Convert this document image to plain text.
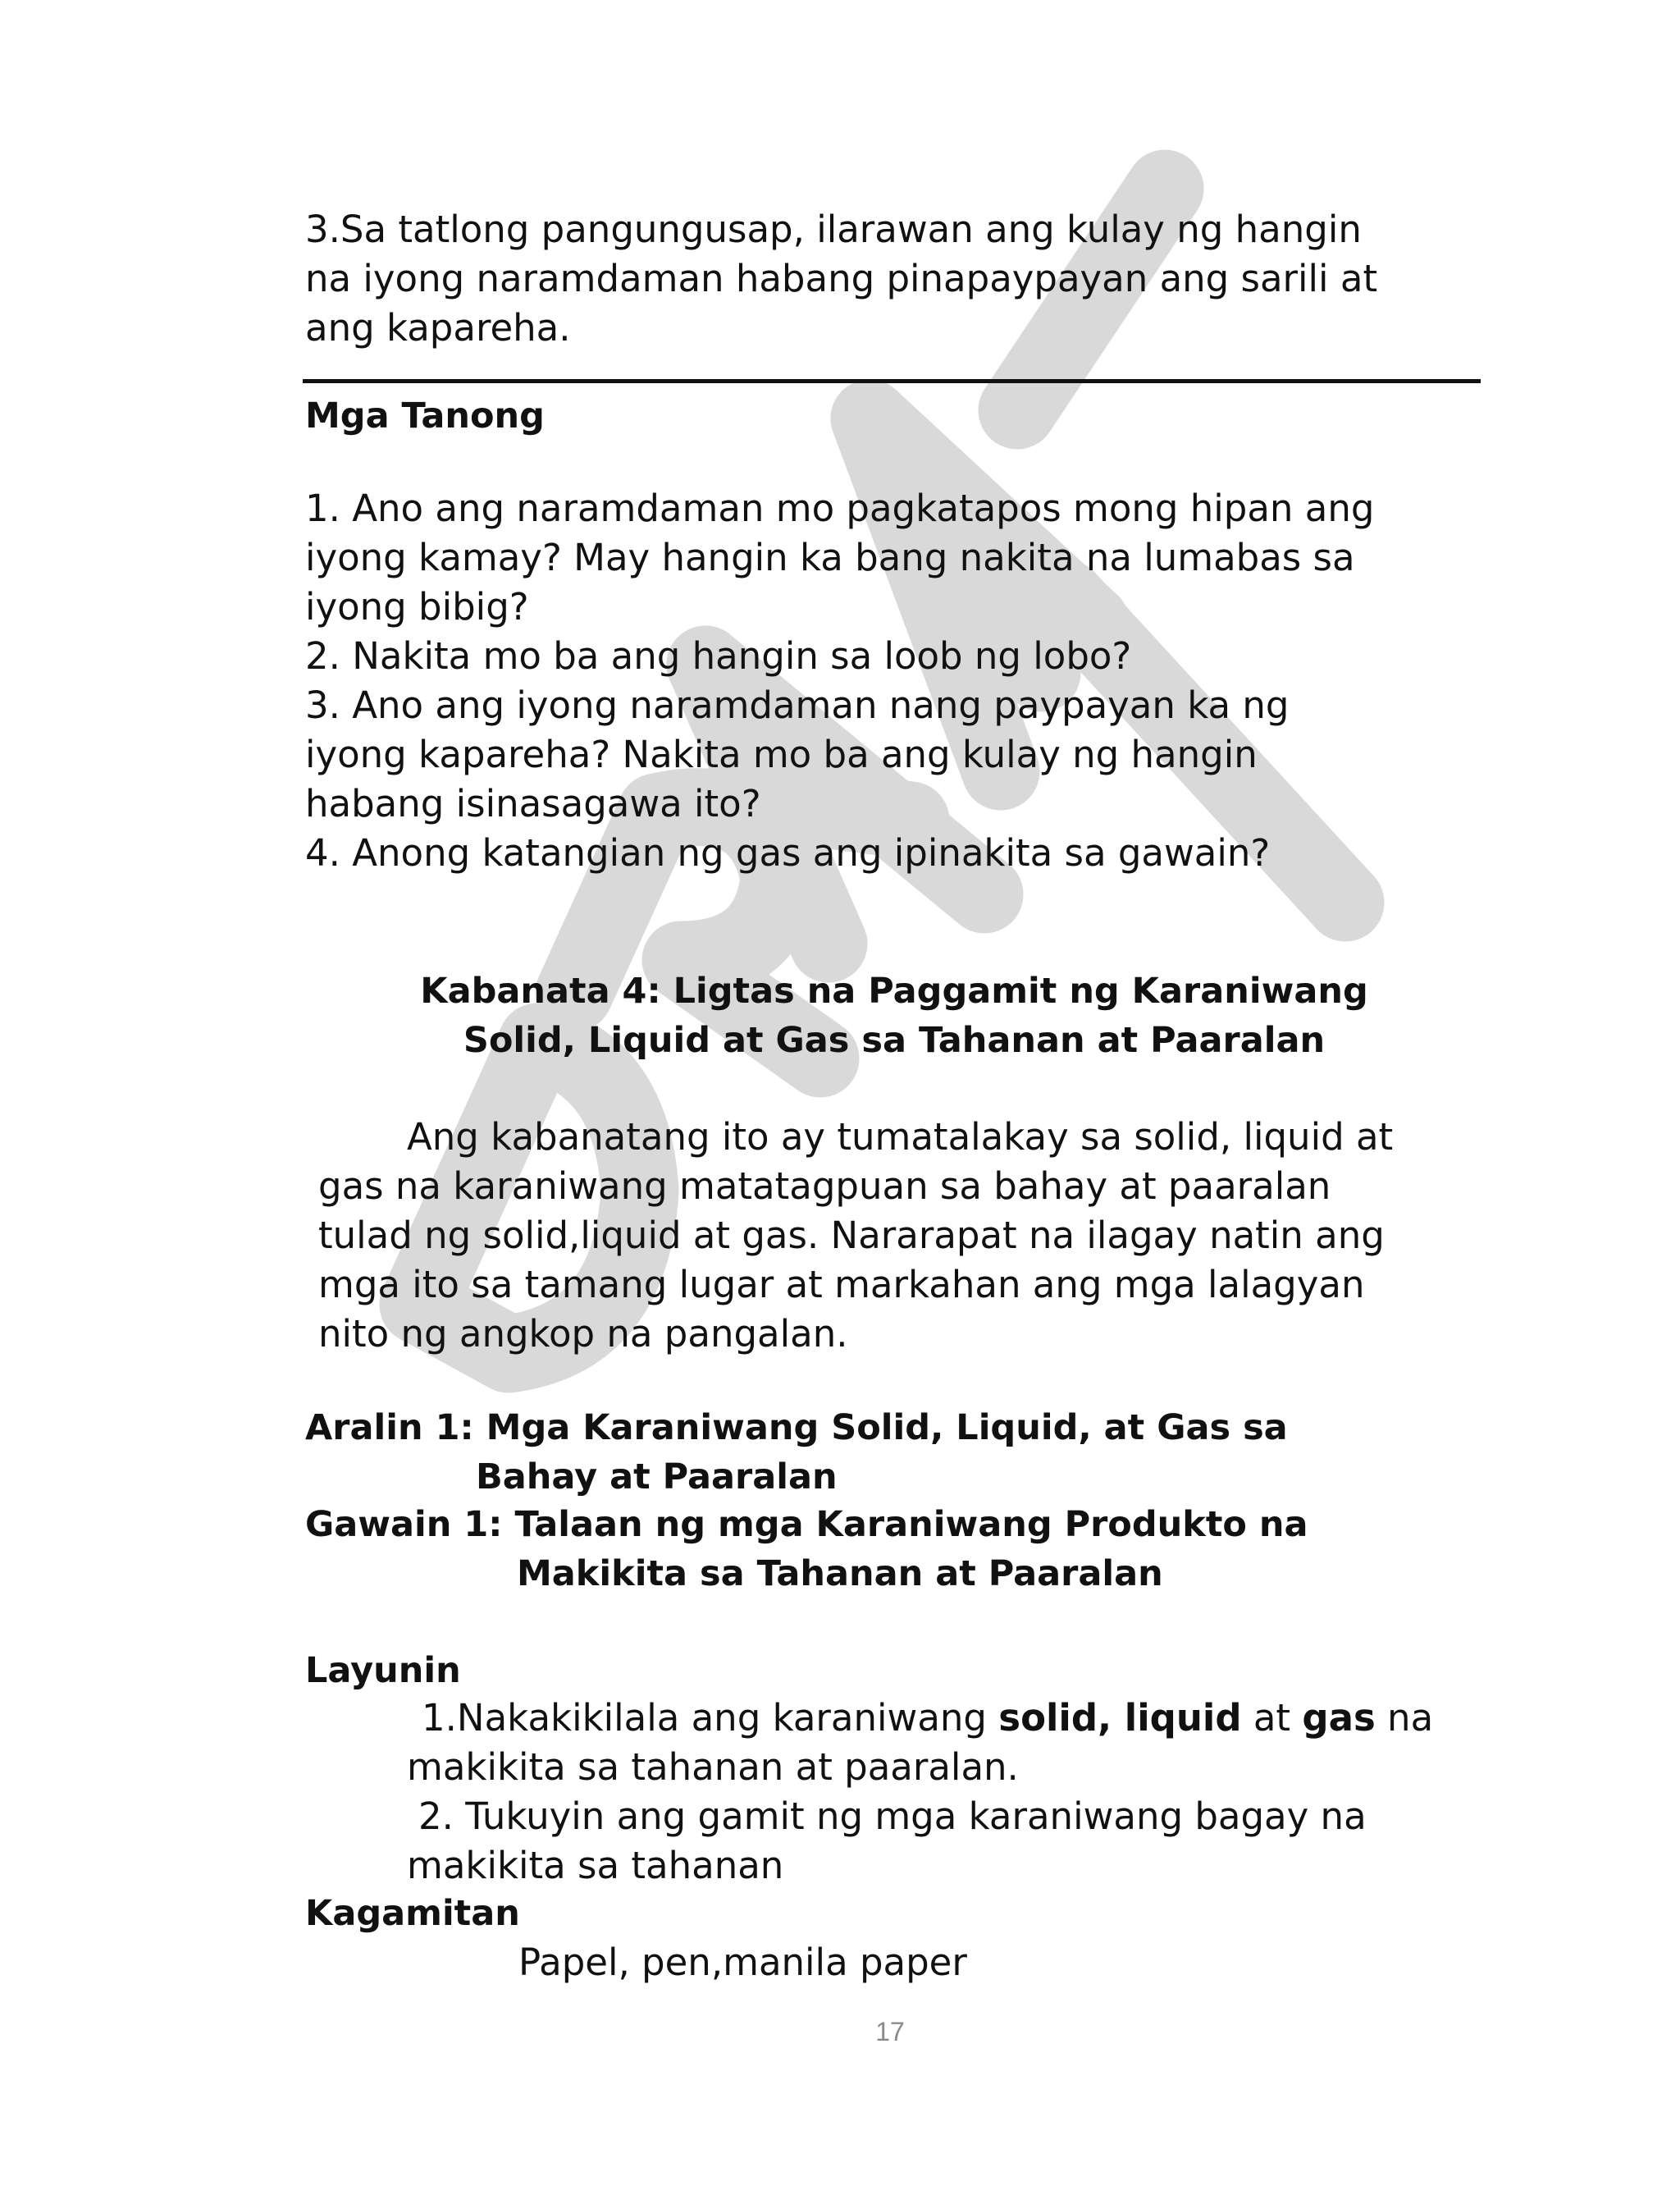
3.Sa tatlong pangungusap, ilarawan ang kulay ng hangin
na iyong naramdaman habang pinapaypayan ang sarili at
ang kapareha.
Mga Tanong
1. Ano ang naramdaman mo pagkatapos mong hipan ang
iyong kamay? May hangin ka bang nakita na lumabas sa
iyong bibig?
2. Nakita mo ba ang hangin sa loob ng lobo?
3. Ano ang iyong naramdaman nang paypayan ka ng
iyong kapareha? Nakita mo ba ang kulay ng hangin
habang isinasagawa ito?
4. Anong katangian ng gas ang ipinakita sa gawain?
Kabanata 4: Ligtas na Paggamit ng Karaniwang
Solid, Liquid at Gas sa Tahanan at Paaralan
Ang kabanatang ito ay tumatalakay sa solid, liquid at
gas na karaniwang matatagpuan sa bahay at paaralan
tulad ng solid,liquid at gas. Nararapat na ilagay natin ang
mga ito sa tamang lugar at markahan ang mga lalagyan
nito ng angkop na pangalan.
Aralin 1: Mga Karaniwang Solid, Liquid, at Gas sa
Bahay at Paaralan
Gawain 1: Talaan ng mga Karaniwang Produkto na
Makikita sa Tahanan at Paaralan
Layunin
1.Nakakikilala ang karaniwang solid, liquid at gas na
makikita sa tahanan at paaralan.
2. Tukuyin ang gamit ng mga karaniwang bagay na
makikita sa tahanan
Kagamitan
Papel, pen,manila paper
17
